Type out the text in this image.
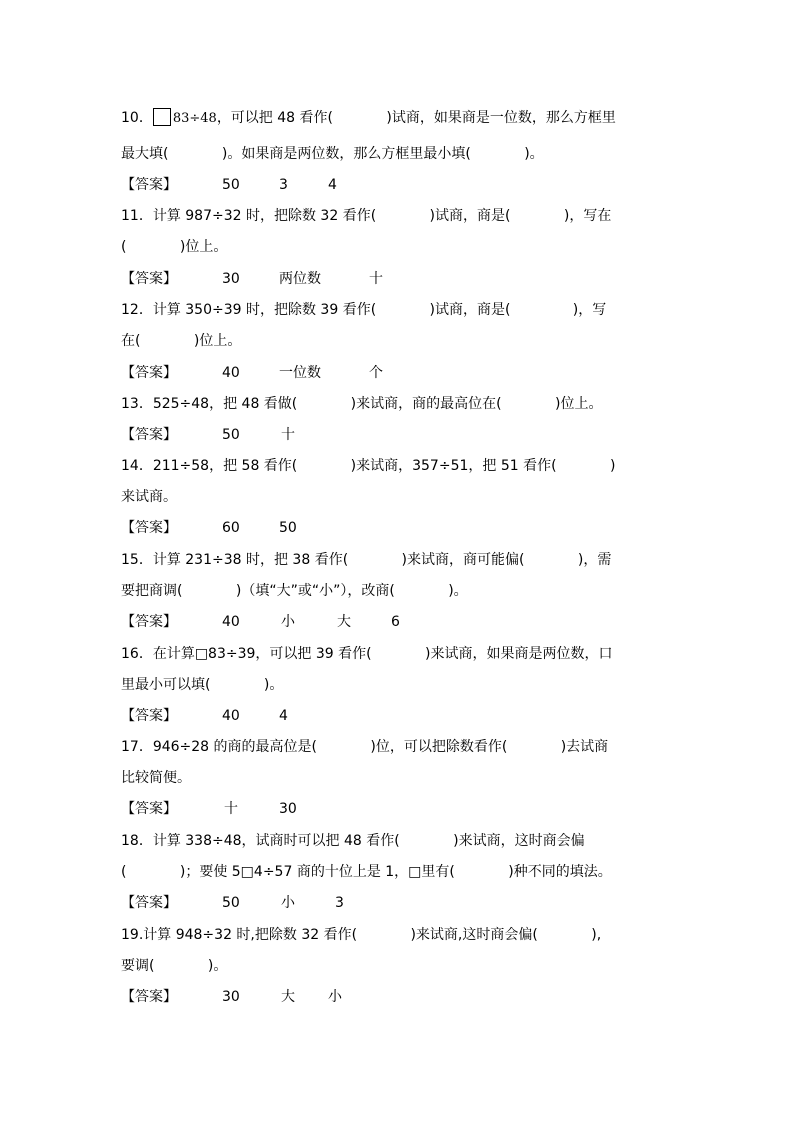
10． 83÷48，可以把 48 看作(            )试商，如果商是一位数，那么方框里
最大填(            )。如果商是两位数，那么方框里最小填(            )。
【答案】	50	3	4
11．计算 987÷32 时，把除数 32 看作(            )试商，商是(            )，写在
(            )位上。
【答案】	30	两位数	十
12．计算 350÷39 时，把除数 39 看作(            )试商，商是(              )，写
在(            )位上。
【答案】	40	一位数	个
13．525÷48，把 48 看做(            )来试商，商的最高位在(            )位上。
【答案】	50	十
14．211÷58，把 58 看作(            )来试商，357÷51，把 51 看作(            )
来试商。
【答案】	60	50
15．计算 231÷38 时，把 38 看作(            )来试商，商可能偏(            )，需
要把商调(            )（填“大”或“小”），改商(            )。
【答案】	40	小	大	6
16．在计算□83÷39，可以把 39 看作(            )来试商，如果商是两位数，口
里最小可以填(            )。
【答案】	40	4
17．946÷28 的商的最高位是(            )位，可以把除数看作(            )去试商
比较简便。
【答案】	十	30
18．计算 338÷48，试商时可以把 48 看作(            )来试商，这时商会偏
(            )；要使 5□4÷57 商的十位上是 1，□里有(            )种不同的填法。
【答案】	50	小	3
19.计算 948÷32 时,把除数 32 看作(            )来试商,这时商会偏(            ),
要调(            )。
【答案】	30	大 小
